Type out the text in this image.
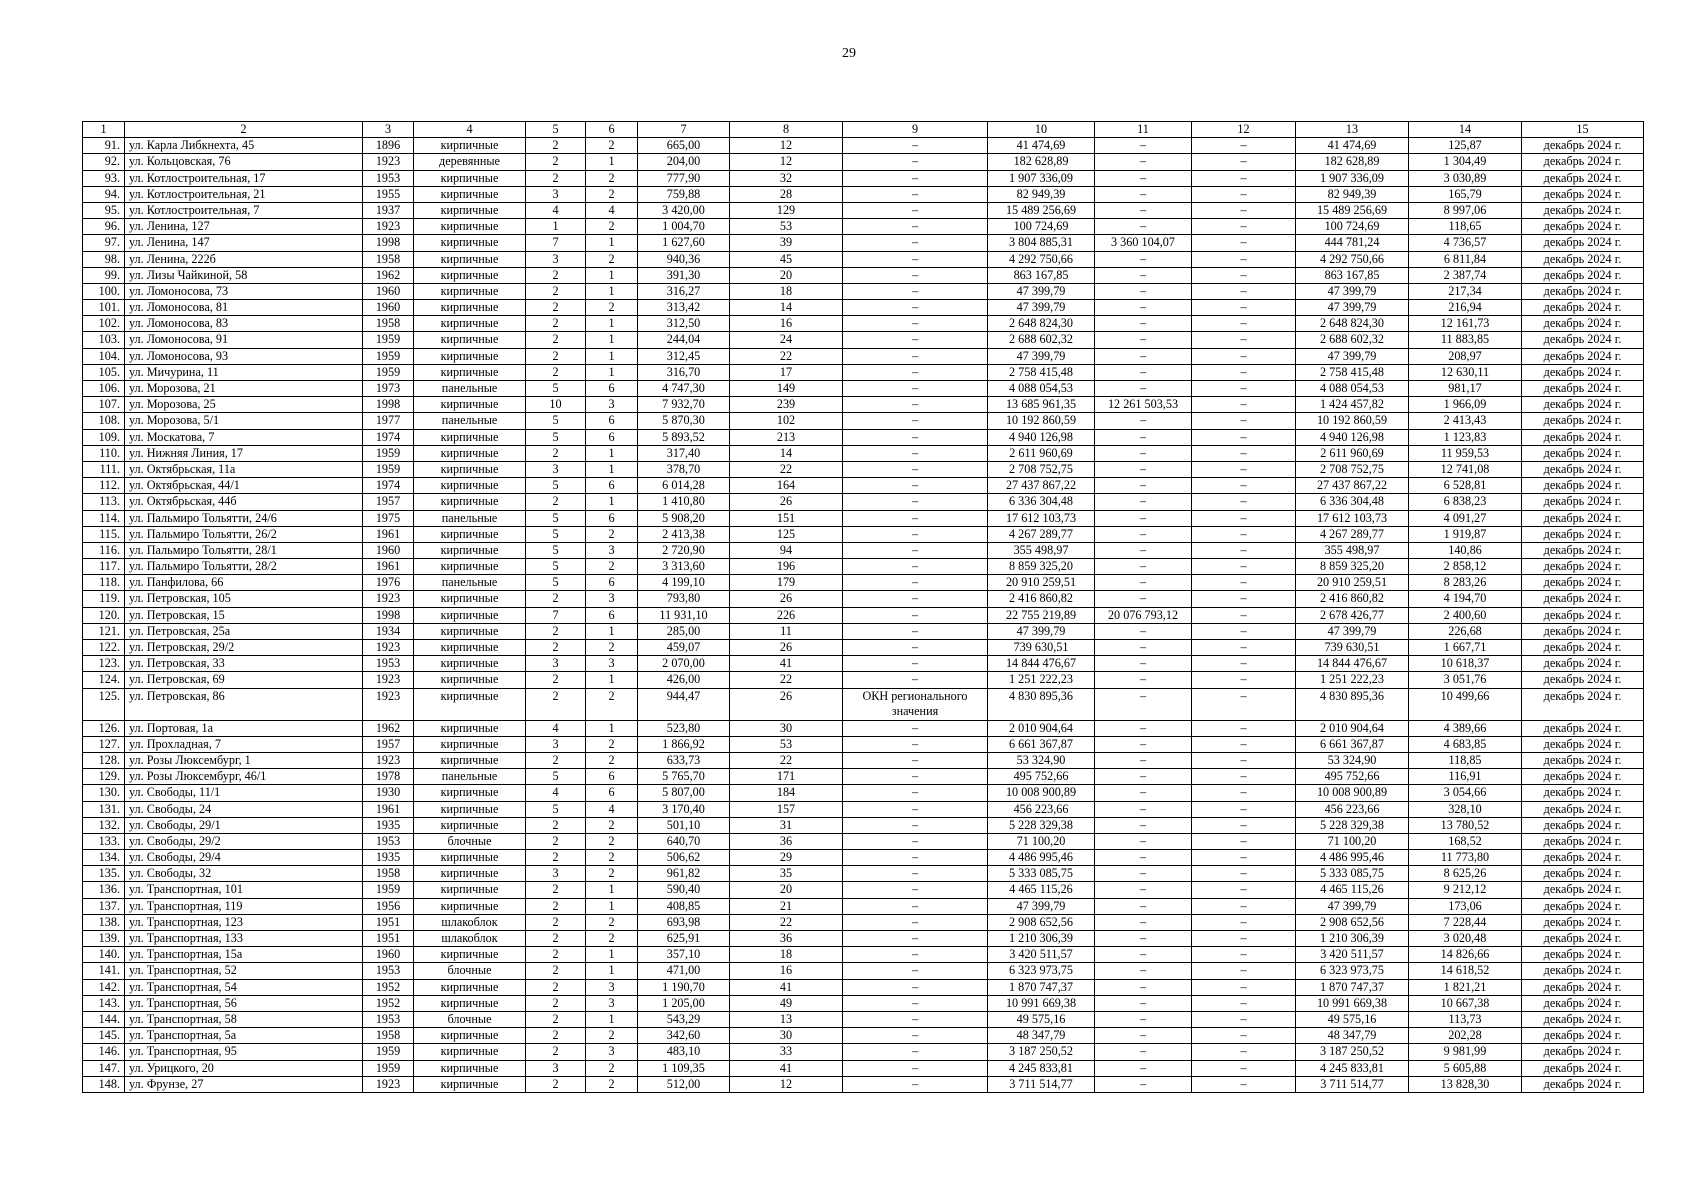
29
1	2	3	4	5	6	7	8	9	10	11	12	13	14	15
91.	ул. Карла Либкнехта, 45	1896	кирпичные	2	2	665,00	12	–	41 474,69	–	–	41 474,69	125,87	декабрь 2024 г.
92.	ул. Кольцовская, 76	1923	деревянные	2	1	204,00	12	–	182 628,89	–	–	182 628,89	1 304,49	декабрь 2024 г.
93.	ул. Котлостроительная, 17	1953	кирпичные	2	2	777,90	32	–	1 907 336,09	–	–	1 907 336,09	3 030,89	декабрь 2024 г.
94.	ул. Котлостроительная, 21	1955	кирпичные	3	2	759,88	28	–	82 949,39	–	–	82 949,39	165,79	декабрь 2024 г.
95.	ул. Котлостроительная, 7	1937	кирпичные	4	4	3 420,00	129	–	15 489 256,69	–	–	15 489 256,69	8 997,06	декабрь 2024 г.
96.	ул. Ленина, 127	1923	кирпичные	1	2	1 004,70	53	–	100 724,69	–	–	100 724,69	118,65	декабрь 2024 г.
97.	ул. Ленина, 147	1998	кирпичные	7	1	1 627,60	39	–	3 804 885,31	3 360 104,07	–	444 781,24	4 736,57	декабрь 2024 г.
98.	ул. Ленина, 222б	1958	кирпичные	3	2	940,36	45	–	4 292 750,66	–	–	4 292 750,66	6 811,84	декабрь 2024 г.
99.	ул. Лизы Чайкиной, 58	1962	кирпичные	2	1	391,30	20	–	863 167,85	–	–	863 167,85	2 387,74	декабрь 2024 г.
100.	ул. Ломоносова, 73	1960	кирпичные	2	1	316,27	18	–	47 399,79	–	–	47 399,79	217,34	декабрь 2024 г.
101.	ул. Ломоносова, 81	1960	кирпичные	2	2	313,42	14	–	47 399,79	–	–	47 399,79	216,94	декабрь 2024 г.
102.	ул. Ломоносова, 83	1958	кирпичные	2	1	312,50	16	–	2 648 824,30	–	–	2 648 824,30	12 161,73	декабрь 2024 г.
103.	ул. Ломоносова, 91	1959	кирпичные	2	1	244,04	24	–	2 688 602,32	–	–	2 688 602,32	11 883,85	декабрь 2024 г.
104.	ул. Ломоносова, 93	1959	кирпичные	2	1	312,45	22	–	47 399,79	–	–	47 399,79	208,97	декабрь 2024 г.
105.	ул. Мичурина, 11	1959	кирпичные	2	1	316,70	17	–	2 758 415,48	–	–	2 758 415,48	12 630,11	декабрь 2024 г.
106.	ул. Морозова, 21	1973	панельные	5	6	4 747,30	149	–	4 088 054,53	–	–	4 088 054,53	981,17	декабрь 2024 г.
107.	ул. Морозова, 25	1998	кирпичные	10	3	7 932,70	239	–	13 685 961,35	12 261 503,53	–	1 424 457,82	1 966,09	декабрь 2024 г.
108.	ул. Морозова, 5/1	1977	панельные	5	6	5 870,30	102	–	10 192 860,59	–	–	10 192 860,59	2 413,43	декабрь 2024 г.
109.	ул. Москатова, 7	1974	кирпичные	5	6	5 893,52	213	–	4 940 126,98	–	–	4 940 126,98	1 123,83	декабрь 2024 г.
110.	ул. Нижняя Линия, 17	1959	кирпичные	2	1	317,40	14	–	2 611 960,69	–	–	2 611 960,69	11 959,53	декабрь 2024 г.
111.	ул. Октябрьская, 11а	1959	кирпичные	3	1	378,70	22	–	2 708 752,75	–	–	2 708 752,75	12 741,08	декабрь 2024 г.
112.	ул. Октябрьская, 44/1	1974	кирпичные	5	6	6 014,28	164	–	27 437 867,22	–	–	27 437 867,22	6 528,81	декабрь 2024 г.
113.	ул. Октябрьская, 44б	1957	кирпичные	2	1	1 410,80	26	–	6 336 304,48	–	–	6 336 304,48	6 838,23	декабрь 2024 г.
114.	ул. Пальмиро Тольятти, 24/6	1975	панельные	5	6	5 908,20	151	–	17 612 103,73	–	–	17 612 103,73	4 091,27	декабрь 2024 г.
115.	ул. Пальмиро Тольятти, 26/2	1961	кирпичные	5	2	2 413,38	125	–	4 267 289,77	–	–	4 267 289,77	1 919,87	декабрь 2024 г.
116.	ул. Пальмиро Тольятти, 28/1	1960	кирпичные	5	3	2 720,90	94	–	355 498,97	–	–	355 498,97	140,86	декабрь 2024 г.
117.	ул. Пальмиро Тольятти, 28/2	1961	кирпичные	5	2	3 313,60	196	–	8 859 325,20	–	–	8 859 325,20	2 858,12	декабрь 2024 г.
118.	ул. Панфилова, 66	1976	панельные	5	6	4 199,10	179	–	20 910 259,51	–	–	20 910 259,51	8 283,26	декабрь 2024 г.
119.	ул. Петровская, 105	1923	кирпичные	2	3	793,80	26	–	2 416 860,82	–	–	2 416 860,82	4 194,70	декабрь 2024 г.
120.	ул. Петровская, 15	1998	кирпичные	7	6	11 931,10	226	–	22 755 219,89	20 076 793,12	–	2 678 426,77	2 400,60	декабрь 2024 г.
121.	ул. Петровская, 25а	1934	кирпичные	2	1	285,00	11	–	47 399,79	–	–	47 399,79	226,68	декабрь 2024 г.
122.	ул. Петровская, 29/2	1923	кирпичные	2	2	459,07	26	–	739 630,51	–	–	739 630,51	1 667,71	декабрь 2024 г.
123.	ул. Петровская, 33	1953	кирпичные	3	3	2 070,00	41	–	14 844 476,67	–	–	14 844 476,67	10 618,37	декабрь 2024 г.
124.	ул. Петровская, 69	1923	кирпичные	2	1	426,00	22	–	1 251 222,23	–	–	1 251 222,23	3 051,76	декабрь 2024 г.
125.	ул. Петровская, 86	1923	кирпичные	2	2	944,47	26	ОКН регионального значения	4 830 895,36	–	–	4 830 895,36	10 499,66	декабрь 2024 г.
126.	ул. Портовая, 1а	1962	кирпичные	4	1	523,80	30	–	2 010 904,64	–	–	2 010 904,64	4 389,66	декабрь 2024 г.
127.	ул. Прохладная, 7	1957	кирпичные	3	2	1 866,92	53	–	6 661 367,87	–	–	6 661 367,87	4 683,85	декабрь 2024 г.
128.	ул. Розы Люксембург, 1	1923	кирпичные	2	2	633,73	22	–	53 324,90	–	–	53 324,90	118,85	декабрь 2024 г.
129.	ул. Розы Люксембург, 46/1	1978	панельные	5	6	5 765,70	171	–	495 752,66	–	–	495 752,66	116,91	декабрь 2024 г.
130.	ул. Свободы, 11/1	1930	кирпичные	4	6	5 807,00	184	–	10 008 900,89	–	–	10 008 900,89	3 054,66	декабрь 2024 г.
131.	ул. Свободы, 24	1961	кирпичные	5	4	3 170,40	157	–	456 223,66	–	–	456 223,66	328,10	декабрь 2024 г.
132.	ул. Свободы, 29/1	1935	кирпичные	2	2	501,10	31	–	5 228 329,38	–	–	5 228 329,38	13 780,52	декабрь 2024 г.
133.	ул. Свободы, 29/2	1953	блочные	2	2	640,70	36	–	71 100,20	–	–	71 100,20	168,52	декабрь 2024 г.
134.	ул. Свободы, 29/4	1935	кирпичные	2	2	506,62	29	–	4 486 995,46	–	–	4 486 995,46	11 773,80	декабрь 2024 г.
135.	ул. Свободы, 32	1958	кирпичные	3	2	961,82	35	–	5 333 085,75	–	–	5 333 085,75	8 625,26	декабрь 2024 г.
136.	ул. Транспортная, 101	1959	кирпичные	2	1	590,40	20	–	4 465 115,26	–	–	4 465 115,26	9 212,12	декабрь 2024 г.
137.	ул. Транспортная, 119	1956	кирпичные	2	1	408,85	21	–	47 399,79	–	–	47 399,79	173,06	декабрь 2024 г.
138.	ул. Транспортная, 123	1951	шлакоблок	2	2	693,98	22	–	2 908 652,56	–	–	2 908 652,56	7 228,44	декабрь 2024 г.
139.	ул. Транспортная, 133	1951	шлакоблок	2	2	625,91	36	–	1 210 306,39	–	–	1 210 306,39	3 020,48	декабрь 2024 г.
140.	ул. Транспортная, 15а	1960	кирпичные	2	1	357,10	18	–	3 420 511,57	–	–	3 420 511,57	14 826,66	декабрь 2024 г.
141.	ул. Транспортная, 52	1953	блочные	2	1	471,00	16	–	6 323 973,75	–	–	6 323 973,75	14 618,52	декабрь 2024 г.
142.	ул. Транспортная, 54	1952	кирпичные	2	3	1 190,70	41	–	1 870 747,37	–	–	1 870 747,37	1 821,21	декабрь 2024 г.
143.	ул. Транспортная, 56	1952	кирпичные	2	3	1 205,00	49	–	10 991 669,38	–	–	10 991 669,38	10 667,38	декабрь 2024 г.
144.	ул. Транспортная, 58	1953	блочные	2	1	543,29	13	–	49 575,16	–	–	49 575,16	113,73	декабрь 2024 г.
145.	ул. Транспортная, 5а	1958	кирпичные	2	2	342,60	30	–	48 347,79	–	–	48 347,79	202,28	декабрь 2024 г.
146.	ул. Транспортная, 95	1959	кирпичные	2	3	483,10	33	–	3 187 250,52	–	–	3 187 250,52	9 981,99	декабрь 2024 г.
147.	ул. Урицкого, 20	1959	кирпичные	3	2	1 109,35	41	–	4 245 833,81	–	–	4 245 833,81	5 605,88	декабрь 2024 г.
148.	ул. Фрунзе, 27	1923	кирпичные	2	2	512,00	12	–	3 711 514,77	–	–	3 711 514,77	13 828,30	декабрь 2024 г.
